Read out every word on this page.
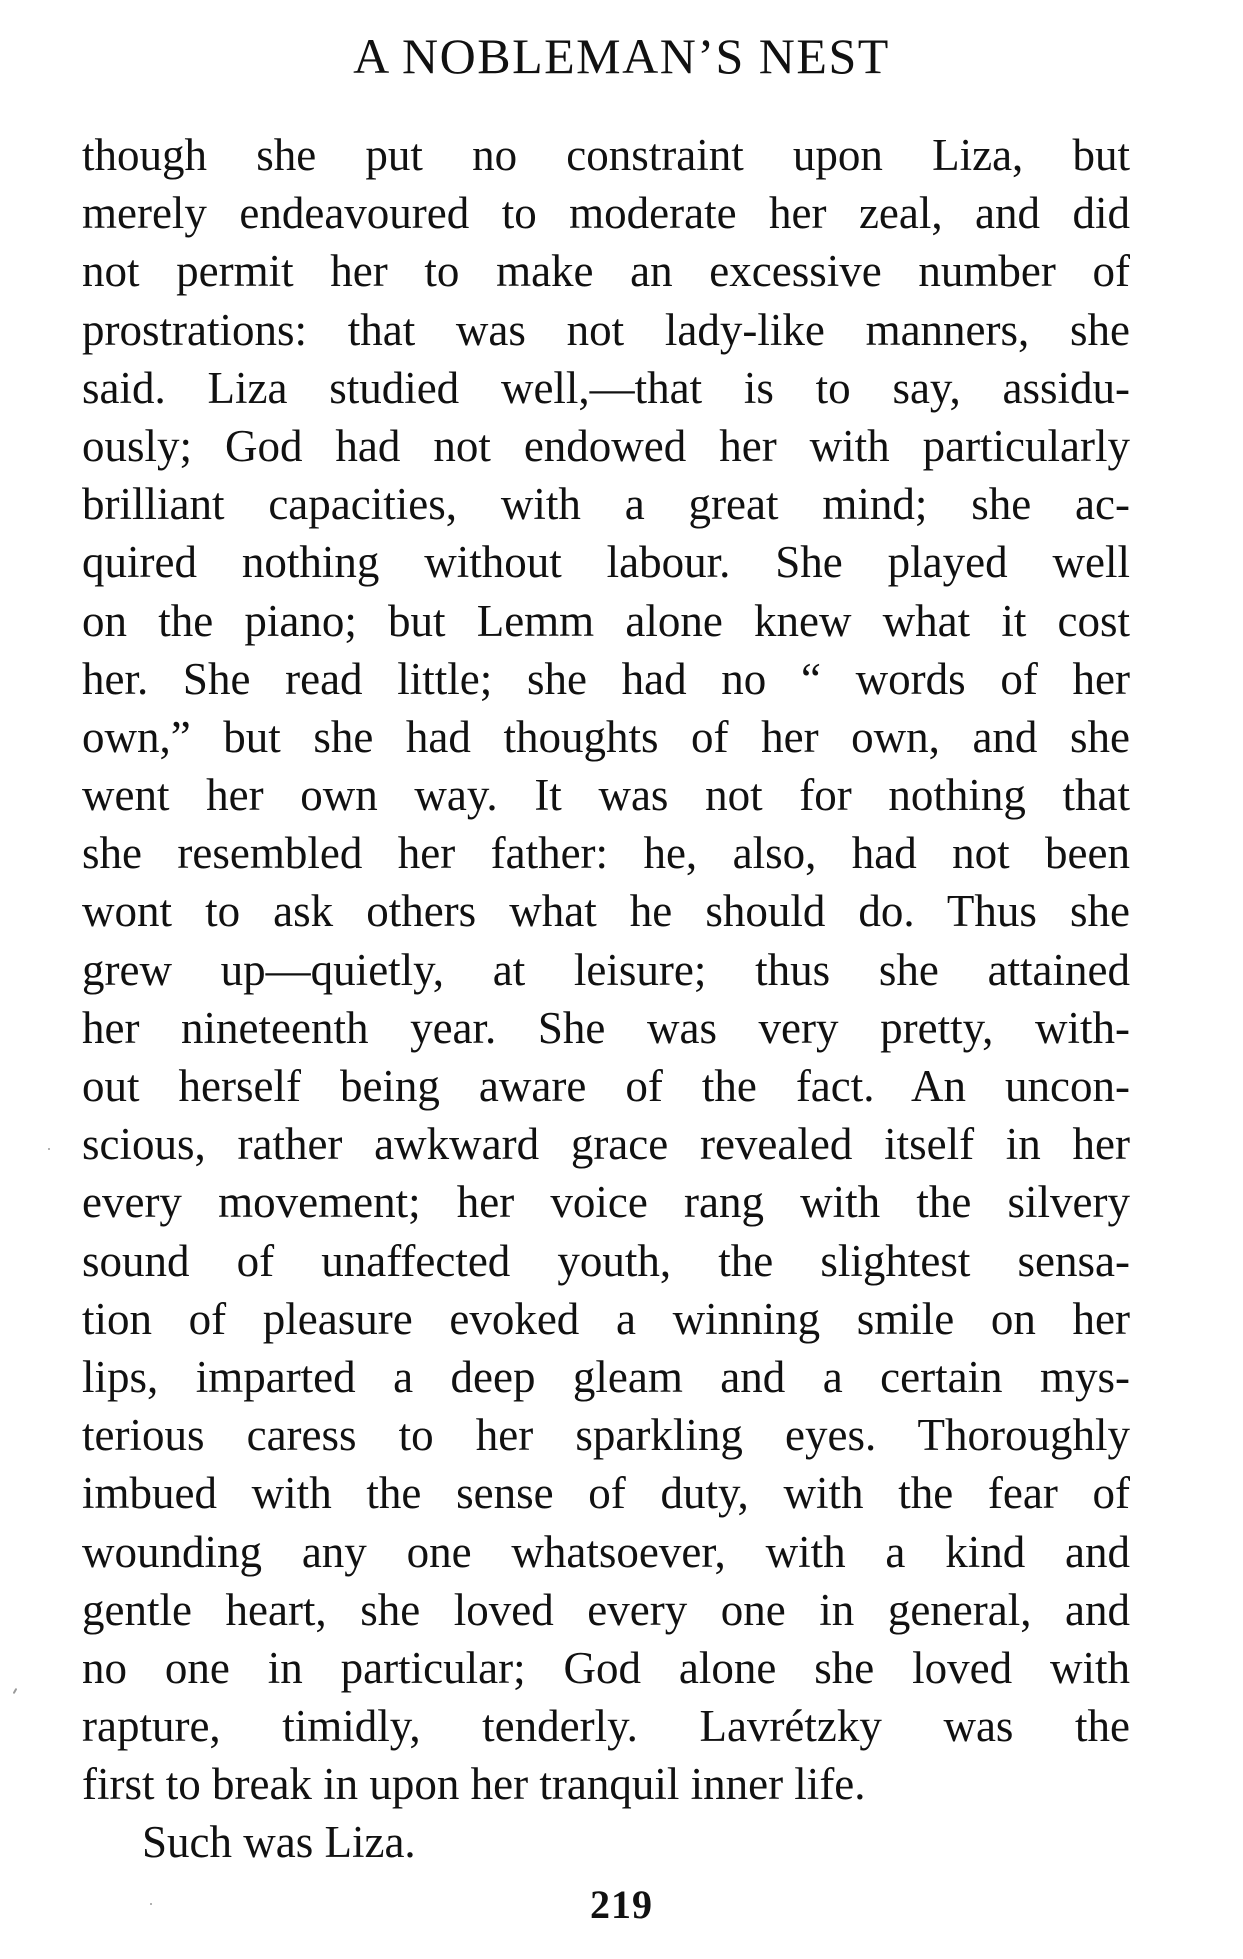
A NOBLEMAN’S NEST
though she put no constraint upon Liza, but
merely endeavoured to moderate her zeal, and did
not permit her to make an excessive number of
prostrations: that was not lady-like manners, she
said. Liza studied well,—that is to say, assidu-
ously; God had not endowed her with particularly
brilliant capacities, with a great mind; she ac-
quired nothing without labour. She played well
on the piano; but Lemm alone knew what it cost
her. She read little; she had no “ words of her
own,” but she had thoughts of her own, and she
went her own way. It was not for nothing that
she resembled her father: he, also, had not been
wont to ask others what he should do. Thus she
grew up—quietly, at leisure; thus she attained
her nineteenth year. She was very pretty, with-
out herself being aware of the fact. An uncon-
scious, rather awkward grace revealed itself in her
every movement; her voice rang with the silvery
sound of unaffected youth, the slightest sensa-
tion of pleasure evoked a winning smile on her
lips, imparted a deep gleam and a certain mys-
terious caress to her sparkling eyes. Thoroughly
imbued with the sense of duty, with the fear of
wounding any one whatsoever, with a kind and
gentle heart, she loved every one in general, and
no one in particular; God alone she loved with
rapture, timidly, tenderly. Lavrétzky was the
first to break in upon her tranquil inner life.
Such was Liza.
219
